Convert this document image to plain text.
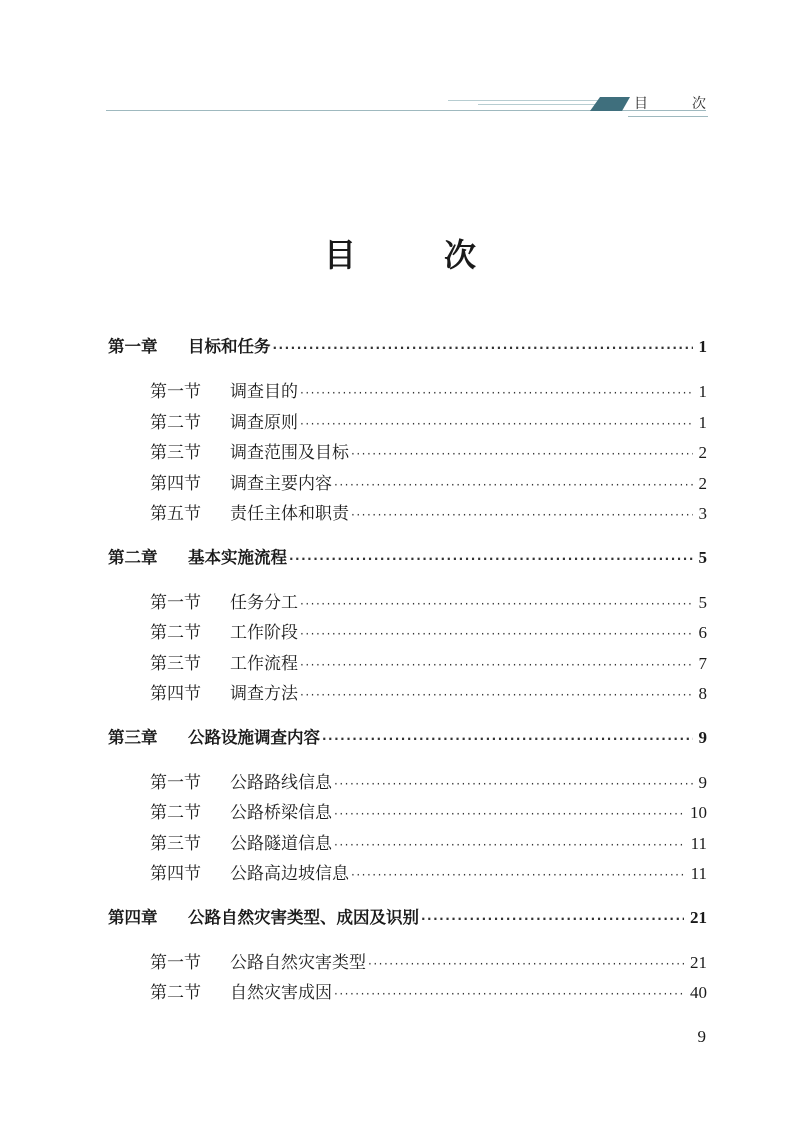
目	次
目	次
第一章	目标和任务 ·····	1
第一节	调查目的 ·····	1
第二节	调查原则 ·····	1
第三节	调查范围及目标 ·····	2
第四节	调查主要内容 ·····	2
第五节	责任主体和职责 ·····	3
第二章	基本实施流程 ·····	5
第一节	任务分工 ·····	5
第二节	工作阶段 ·····	6
第三节	工作流程 ·····	7
第四节	调查方法 ·····	8
第三章	公路设施调查内容 ·····	9
第一节	公路路线信息 ·····	9
第二节	公路桥梁信息 ·····	10
第三节	公路隧道信息 ·····	11
第四节	公路高边坡信息 ·····	11
第四章	公路自然灾害类型、成因及识别 ·····	21
第一节	公路自然灾害类型 ·····	21
第二节	自然灾害成因 ·····	40
9
